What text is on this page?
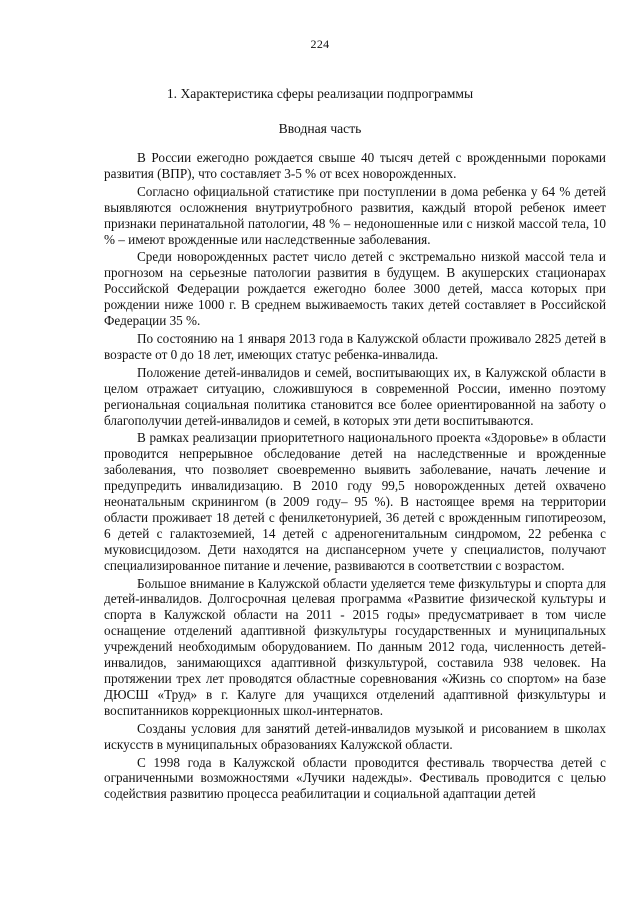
224
1. Характеристика сферы реализации подпрограммы
Вводная часть

В России ежегодно рождается свыше 40 тысяч детей с врожденными пороками развития (ВПР), что составляет 3-5 % от всех новорожденных.

Согласно официальной статистике при поступлении в дома ребенка у 64 % детей выявляются осложнения внутриутробного развития, каждый второй ребенок имеет признаки перинатальной патологии, 48 % – недоношенные или с низкой массой тела, 10 % – имеют врожденные или наследственные заболевания.

Среди новорожденных растет число детей с экстремально низкой массой тела и прогнозом на серьезные патологии развития в будущем. В акушерских стационарах Российской Федерации рождается ежегодно более 3000 детей, масса которых при рождении ниже 1000 г. В среднем выживаемость таких детей составляет в Российской Федерации 35 %.

По состоянию на 1 января 2013 года в Калужской области проживало 2825 детей в возрасте от 0 до 18 лет, имеющих статус ребенка-инвалида.

Положение детей-инвалидов и семей, воспитывающих их, в Калужской области в целом отражает ситуацию, сложившуюся в современной России, именно поэтому региональная социальная политика становится все более ориентированной на заботу о благополучии детей-инвалидов и семей, в которых эти дети воспитываются.

В рамках реализации приоритетного национального проекта «Здоровье» в области проводится непрерывное обследование детей на наследственные и врожденные заболевания, что позволяет своевременно выявить заболевание, начать лечение и предупредить инвалидизацию. В 2010 году 99,5 новорожденных детей охвачено неонатальным скринингом (в 2009 году– 95 %). В настоящее время на территории области проживает 18 детей с фенилкетонурией, 36 детей с врожденным гипотиреозом, 6 детей с галактоземией, 14 детей с адреногенитальным синдромом, 22 ребенка с муковисцидозом. Дети находятся на диспансерном учете у специалистов, получают специализированное питание и лечение, развиваются в соответствии с возрастом.

Большое внимание в Калужской области уделяется теме физкультуры и спорта для детей-инвалидов. Долгосрочная целевая программа «Развитие физической культуры и спорта в Калужской области на 2011 - 2015 годы» предусматривает в том числе оснащение отделений адаптивной физкультуры государственных и муниципальных учреждений необходимым оборудованием. По данным 2012 года, численность детей-инвалидов, занимающихся адаптивной физкультурой, составила 938 человек. На протяжении трех лет проводятся областные соревнования «Жизнь со спортом» на базе ДЮСШ «Труд» в г. Калуге для учащихся отделений адаптивной физкультуры и воспитанников коррекционных школ-интернатов.

Созданы условия для занятий детей-инвалидов музыкой и рисованием в школах искусств в муниципальных образованиях Калужской области.

С 1998 года в Калужской области проводится фестиваль творчества детей с ограниченными возможностями «Лучики надежды». Фестиваль проводится с целью содействия развитию процесса реабилитации и социальной адаптации детей
